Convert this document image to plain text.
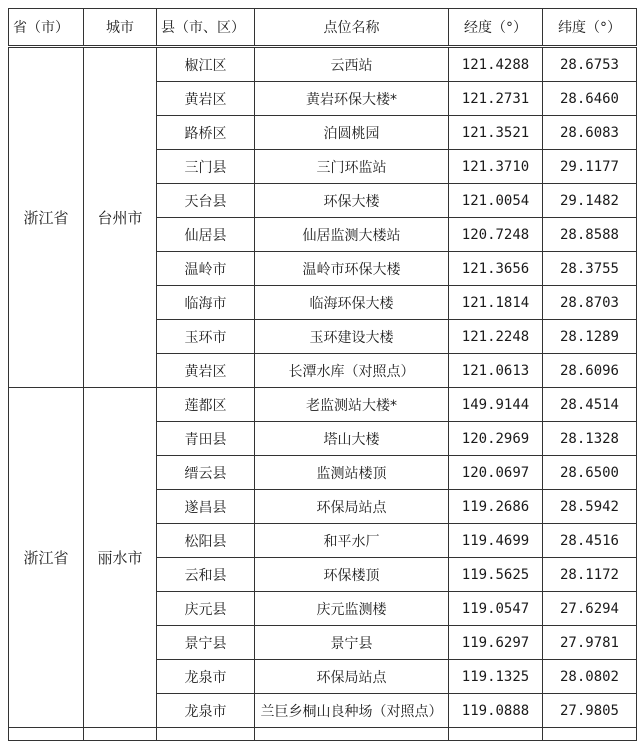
省（市）	城市	县（市、区）	点位名称	经度（°）	纬度（°）
浙江省	台州市	椒江区	云西站	121.4288	28.6753
		黄岩区	黄岩环保大楼*	121.2731	28.6460
		路桥区	泊圆桃园	121.3521	28.6083
		三门县	三门环监站	121.3710	29.1177
		天台县	环保大楼	121.0054	29.1482
		仙居县	仙居监测大楼站	120.7248	28.8588
		温岭市	温岭市环保大楼	121.3656	28.3755
		临海市	临海环保大楼	121.1814	28.8703
		玉环市	玉环建设大楼	121.2248	28.1289
		黄岩区	长潭水库（对照点）	121.0613	28.6096
浙江省	丽水市	莲都区	老监测站大楼*	149.9144	28.4514
		青田县	塔山大楼	120.2969	28.1328
		缙云县	监测站楼顶	120.0697	28.6500
		遂昌县	环保局站点	119.2686	28.5942
		松阳县	和平水厂	119.4699	28.4516
		云和县	环保楼顶	119.5625	28.1172
		庆元县	庆元监测楼	119.0547	27.6294
		景宁县	景宁县	119.6297	27.9781
		龙泉市	环保局站点	119.1325	28.0802
		龙泉市	兰巨乡桐山良种场（对照点）	119.0888	27.9805
